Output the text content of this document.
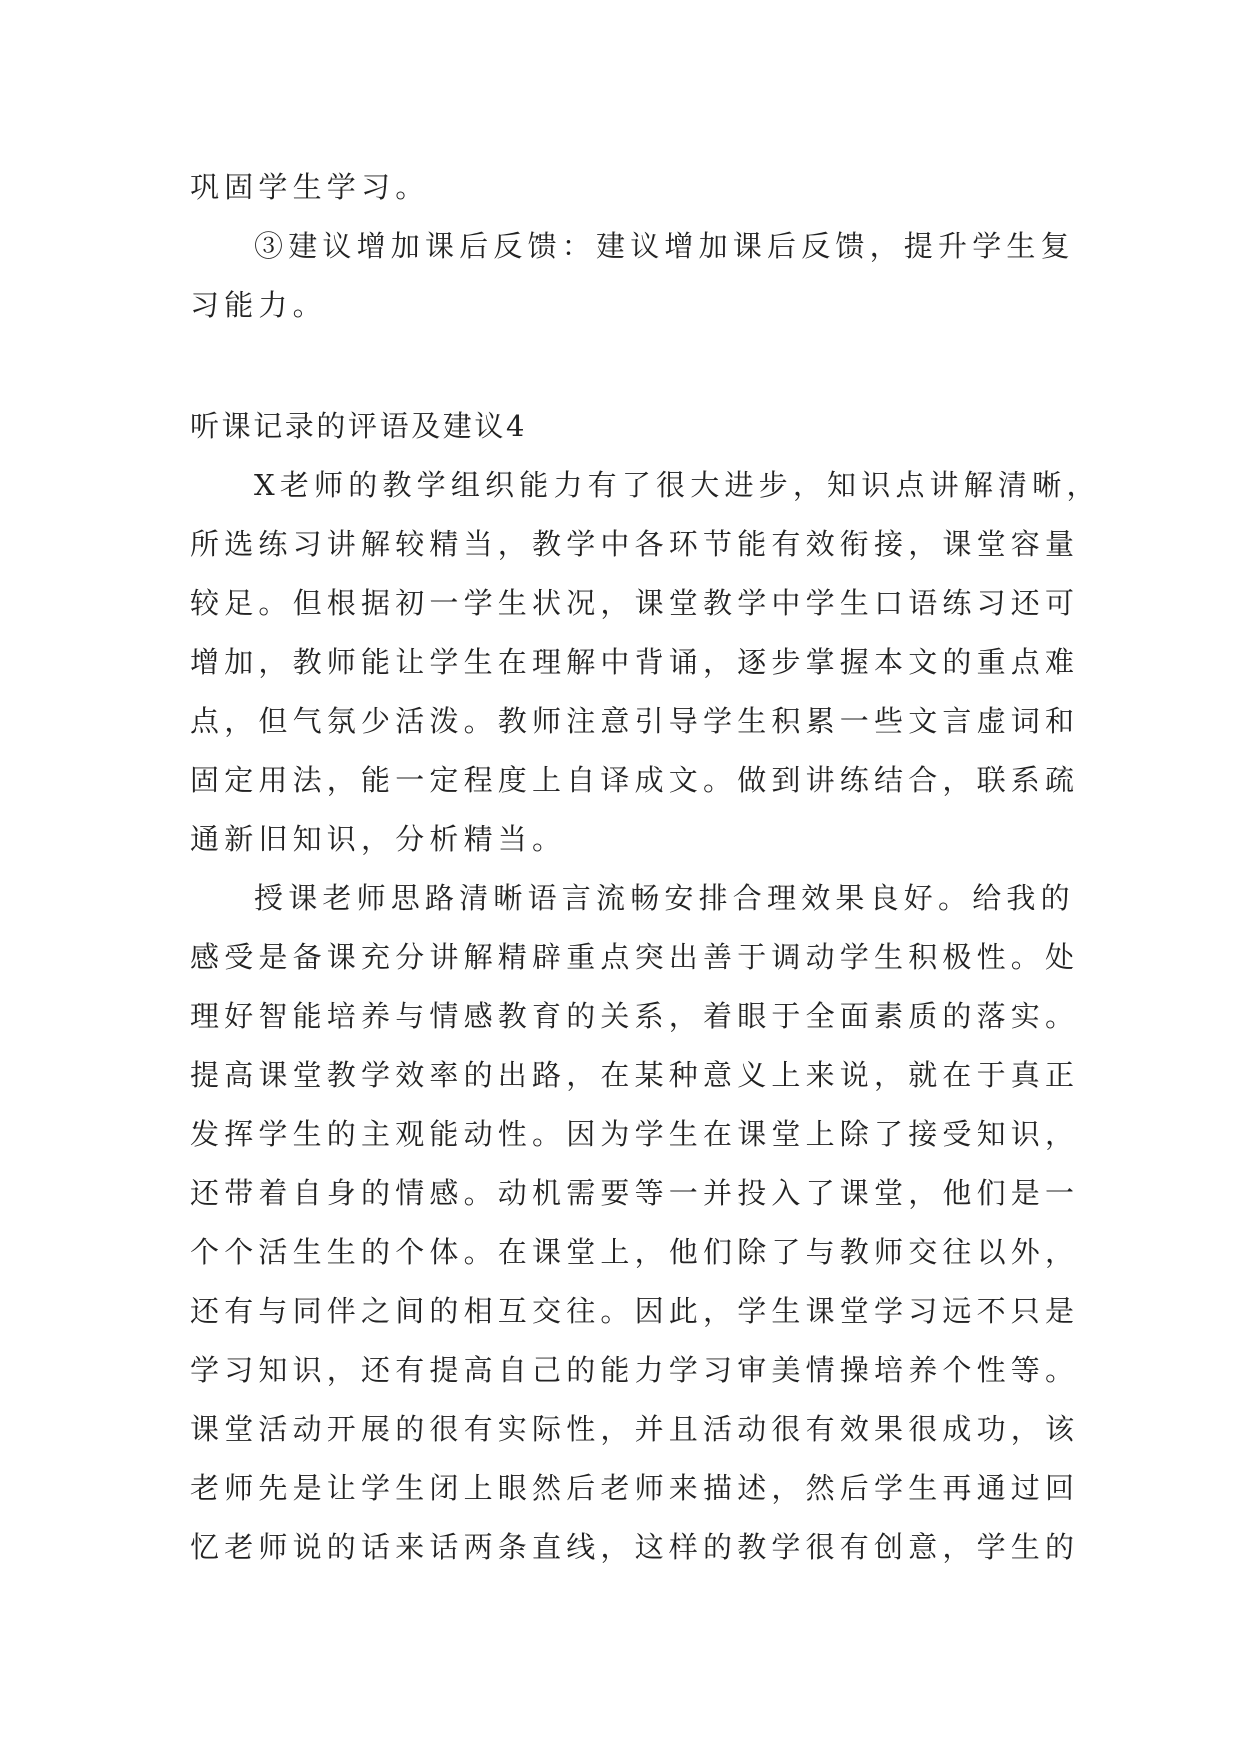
巩固学生学习。
③建议增加课后反馈：建议增加课后反馈，提升学生复
习能力。
听课记录的评语及建议4
X老师的教学组织能力有了很大进步，知识点讲解清晰，
所选练习讲解较精当，教学中各环节能有效衔接，课堂容量
较足。但根据初一学生状况，课堂教学中学生口语练习还可
增加，教师能让学生在理解中背诵，逐步掌握本文的重点难
点，但气氛少活泼。教师注意引导学生积累一些文言虚词和
固定用法，能一定程度上自译成文。做到讲练结合，联系疏
通新旧知识，分析精当。
授课老师思路清晰语言流畅安排合理效果良好。给我的
感受是备课充分讲解精辟重点突出善于调动学生积极性。处
理好智能培养与情感教育的关系，着眼于全面素质的落实。
提高课堂教学效率的出路，在某种意义上来说，就在于真正
发挥学生的主观能动性。因为学生在课堂上除了接受知识，
还带着自身的情感。动机需要等一并投入了课堂，他们是一
个个活生生的个体。在课堂上，他们除了与教师交往以外，
还有与同伴之间的相互交往。因此，学生课堂学习远不只是
学习知识，还有提高自己的能力学习审美情操培养个性等。
课堂活动开展的很有实际性，并且活动很有效果很成功，该
老师先是让学生闭上眼然后老师来描述，然后学生再通过回
忆老师说的话来话两条直线，这样的教学很有创意，学生的
